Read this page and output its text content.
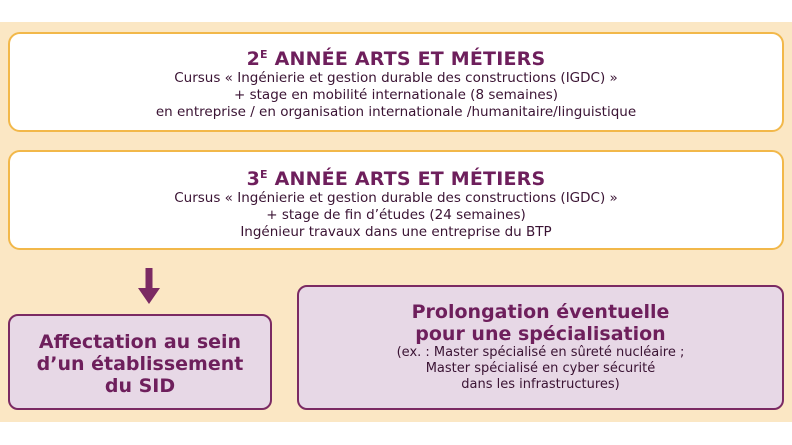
$2^E$ ANNÉE ARTS ET MÉTIERS

Cursus « Ingénierie et gestion durable des constructions (IGDC) »

+ stage en mobilité internationale (8 semaines)

en entreprise / en organisation internationale /humanitaire/linguistique

$3^E$ ANNÉE ARTS ET MÉTIERS

Cursus « Ingénierie et gestion durable des constructions (IGDC) »

+ stage de fin d’études (24 semaines)

Ingénieur travaux dans une entreprise du BTP

Affectation au sein

d’un établissement

du SID

Prolongation éventuelle

pour une spécialisation

(ex. : Master spécialisé en sûreté nucléaire ;

Master spécialisé en cyber sécurité

dans les infrastructures)
